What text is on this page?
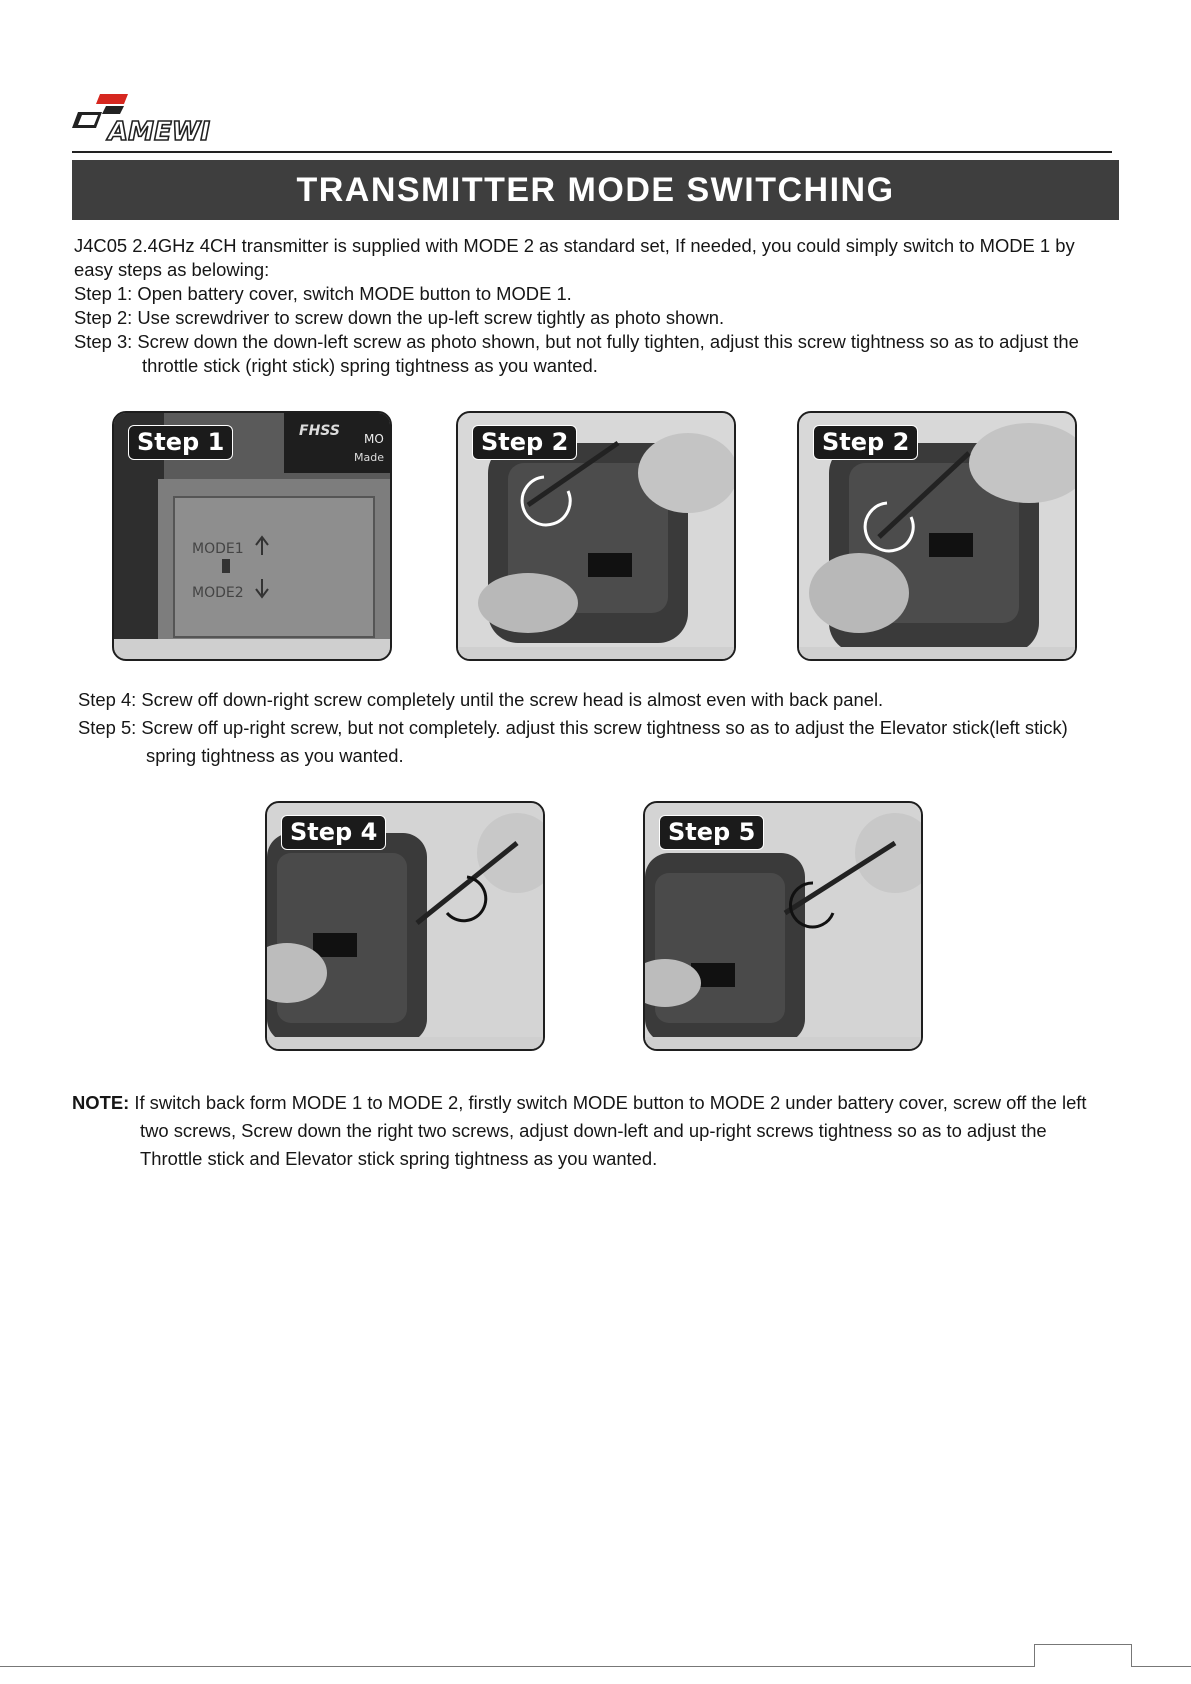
AMEWI
TRANSMITTER MODE SWITCHING
J4C05 2.4GHz 4CH transmitter is supplied with MODE 2 as standard set, If needed, you could simply switch to MODE 1 by
easy steps as belowing:
Step 1: Open battery cover, switch MODE button to MODE 1.
Step 2: Use screwdriver to screw down the up-left screw tightly as photo shown.
Step 3: Screw down the down-left screw as photo shown, but not fully tighten, adjust this screw tightness so as to adjust the
throttle stick (right stick) spring tightness as you wanted.
FHSS MO
Made
MODE1
MODE2
Step 1	Step 2	Step 2
Step 4: Screw off down-right screw completely until the screw head is almost even with back panel.
Step 5: Screw off up-right screw, but not completely. adjust this screw tightness so as to adjust the Elevator stick(left stick)
spring tightness as you wanted.
Step 4	Step 5
NOTE: If switch back form MODE 1 to MODE 2, firstly switch MODE button to MODE 2 under battery cover, screw off the left
two screws, Screw down the right two screws, adjust down-left and up-right screws tightness so as to adjust the
Throttle stick and Elevator stick spring tightness as you wanted.
